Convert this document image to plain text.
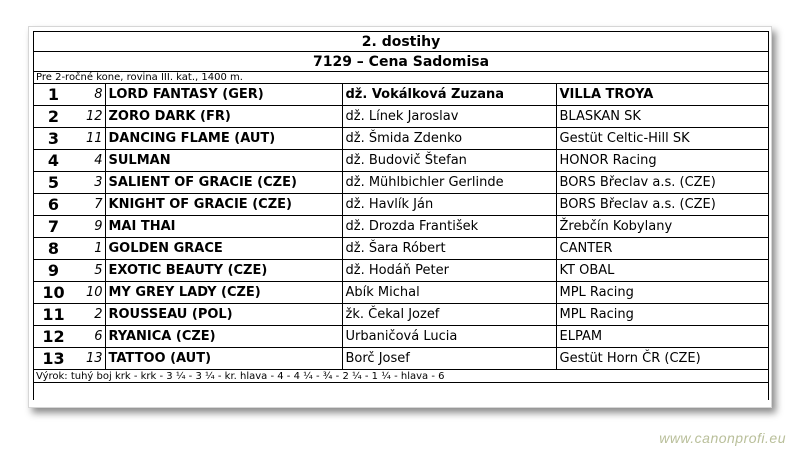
2. dostihy				
7129 – Cena Sadomisa				
Pre 2-ročné kone, rovina III. kat., 1400 m.				
1	8	LORD FANTASY (GER)	dž. Vokálková Zuzana	VILLA TROYA
2	12	ZORO DARK (FR)	dž. Línek Jaroslav	BLASKAN SK
3	11	DANCING FLAME (AUT)	dž. Šmida Zdenko	Gestüt Celtic-Hill SK
4	4	SULMAN	dž. Budovič Štefan	HONOR Racing
5	3	SALIENT OF GRACIE (CZE)	dž. Mühlbichler Gerlinde	BORS Břeclav a.s. (CZE)
6	7	KNIGHT OF GRACIE (CZE)	dž. Havlík Ján	BORS Břeclav a.s. (CZE)
7	9	MAI THAI	dž. Drozda František	Žrebčín Kobylany
8	1	GOLDEN GRACE	dž. Šara Róbert	CANTER
9	5	EXOTIC BEAUTY (CZE)	dž. Hodáň Peter	KT OBAL
10	10	MY GREY LADY (CZE)	Abík Michal	MPL Racing
11	2	ROUSSEAU (POL)	žk. Čekal Jozef	MPL Racing
12	6	RYANICA (CZE)	Urbaničová Lucia	ELPAM
13	13	TATTOO (AUT)	Borč Josef	Gestüt Horn ČR (CZE)
Výrok: tuhý boj krk - krk - 3 ¼ - 3 ¼ - kr. hlava - 4 - 4 ¼ - ¾ - 2 ¼ - 1 ¼ - hlava - 6				
www.canonprofi.eu
